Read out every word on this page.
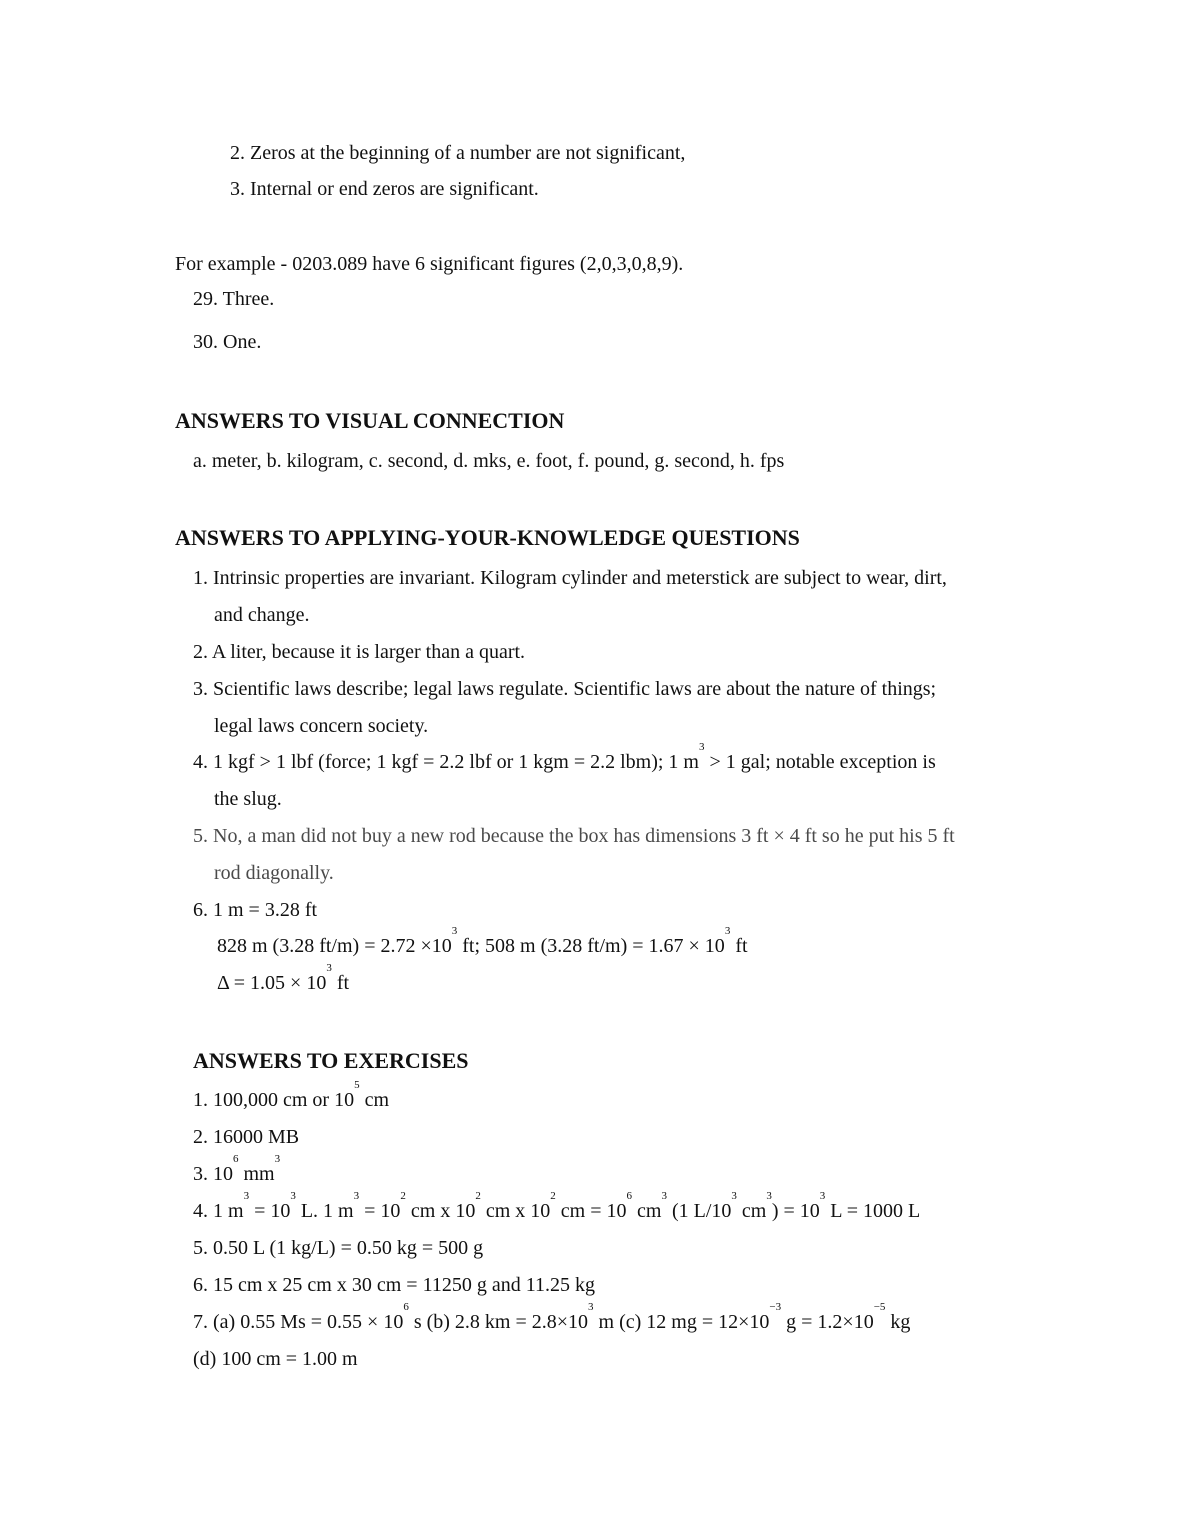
2. Zeros at the beginning of a number are not significant,
3. Internal or end zeros are significant.
For example - 0203.089 have 6 significant figures (2,0,3,0,8,9).
29. Three.
30. One.
ANSWERS TO VISUAL CONNECTION
a. meter, b. kilogram, c. second, d. mks, e. foot, f. pound, g. second, h. fps
ANSWERS TO APPLYING-YOUR-KNOWLEDGE QUESTIONS
1. Intrinsic properties are invariant. Kilogram cylinder and meterstick are subject to wear, dirt,
and change.
2. A liter, because it is larger than a quart.
3. Scientific laws describe; legal laws regulate. Scientific laws are about the nature of things;
legal laws concern society.
4. 1 kgf > 1 lbf (force; 1 kgf = 2.2 lbf or 1 kgm = 2.2 lbm); 1 $m^3 > 1$ gal; notable exception is
the slug.
5. No, a man did not buy a new rod because the box has dimensions 3 ft × 4 ft so he put his 5 ft
rod diagonally.
6. 1 m = 3.28 ft
828 m (3.28 $ft/m) = 2.72 \times 10^3$ ft; 508 m (3.28 $ft/m) = 1.67 \times 10^3$ ft
$\Delta = 1.05 \times 10^3$ ft
ANSWERS TO EXERCISES
1. 100,000 cm or $10^5$ cm
2. 16000 MB
3. $10^6$ $mm^3$
4. 1 $m^3 = 10^3$ L. 1 $m^3 = 10^2$ cm x $10^2$ cm x $10^2$ cm = $10^6$ $cm^3$ (1 $L/10^3$ $cm^3) = 10^3$ L = 1000 L
5. 0.50 L (1 kg/L) = 0.50 kg = 500 g
6. 15 cm x 25 cm x 30 cm = 11250 g and 11.25 kg
7. (a) 0.55 $Ms = 0.55 \times 10^6$ s (b) 2.8 km = $2.8\times 10^3$ m (c) 12 mg = $12\times 10^{-3}$ $g = 1.2\times 10^{-5}$ kg
(d) 100 cm = 1.00 m
